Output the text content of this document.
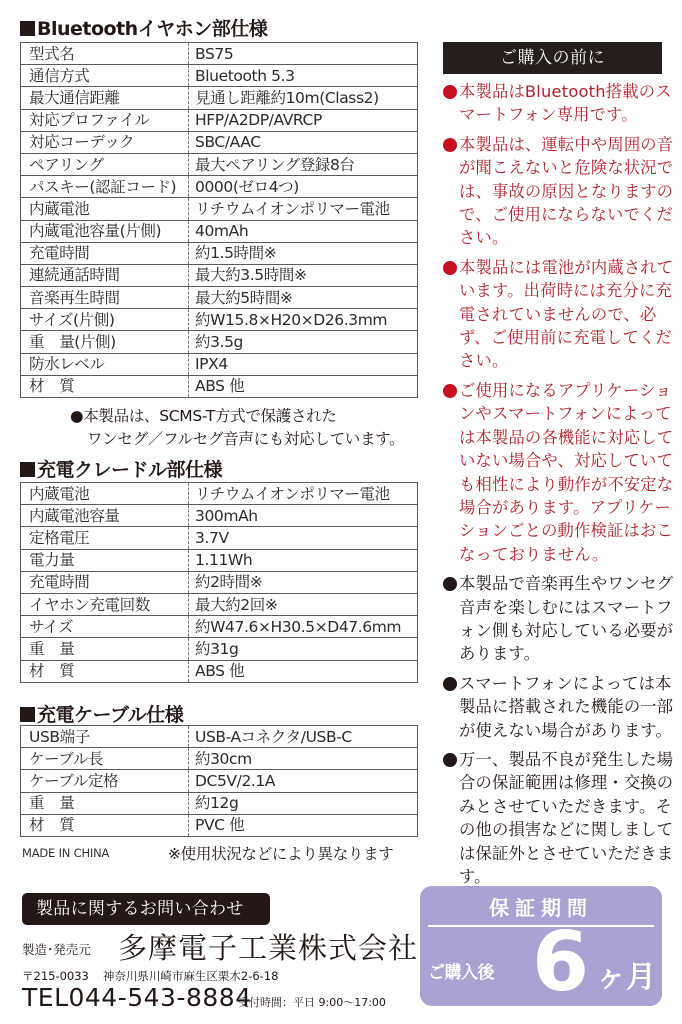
Bluetoothイヤホン部仕様
型式名	BS75
通信方式	Bluetooth 5.3
最大通信距離	見通し距離約10m(Class2)
対応プロファイル	HFP/A2DP/AVRCP
対応コーデック	SBC/AAC
ペアリング	最大ペアリング登録8台
パスキー(認証コード)	0000(ゼロ4つ)
内蔵電池	リチウムイオンポリマー電池
内蔵電池容量(片側)	40mAh
充電時間	約1.5時間※
連続通話時間	最大約3.5時間※
音楽再生時間	最大約5時間※
サイズ(片側)	約W15.8×H20×D26.3mm
重　量(片側)	約3.5g
防水レベル	IPX4
材　質	ABS 他
●本製品は、SCMS-T方式で保護された
ワンセグ／フルセグ音声にも対応しています。
充電クレードル部仕様
内蔵電池	リチウムイオンポリマー電池
内蔵電池容量	300mAh
定格電圧	3.7V
電力量	1.11Wh
充電時間	約2時間※
イヤホン充電回数	最大約2回※
サイズ	約W47.6×H30.5×D47.6mm
重　量	約31g
材　質	ABS 他
充電ケーブル仕様
USB端子	USB-Aコネクタ/USB-C
ケーブル長	約30cm
ケーブル定格	DC5V/2.1A
重　量	約12g
材　質	PVC 他
MADE IN CHINA	※使用状況などにより異なります
ご購入の前に
本製品はBluetooth搭載のスマートフォン専用です。
本製品は、運転中や周囲の音が聞こえないと危険な状況では、事故の原因となりますので、ご使用にならないでください。
本製品には電池が内蔵されています。出荷時には充分に充電されていませんので、必ず、ご使用前に充電してください。
ご使用になるアプリケーションやスマートフォンによっては本製品の各機能に対応していない場合や、対応していても相性により動作が不安定な場合があります。アプリケーションごとの動作検証はおこなっておりません。
本製品で音楽再生やワンセグ音声を楽しむにはスマートフォン側も対応している必要があります。
スマートフォンによっては本製品に搭載された機能の一部が使えない場合があります。
万一、製品不良が発生した場合の保証範囲は修理・交換のみとさせていただきます。その他の損害などに関しましては保証外とさせていただきます。
製品に関するお問い合わせ
製造･発売元 多摩電子工業株式会社
〒215-0033 神奈川県川崎市麻生区栗木2-6-18
TEL044-543-8884
受付時間：平日 9:00～17:00
保証期間
ご購入後 6 ヶ月
